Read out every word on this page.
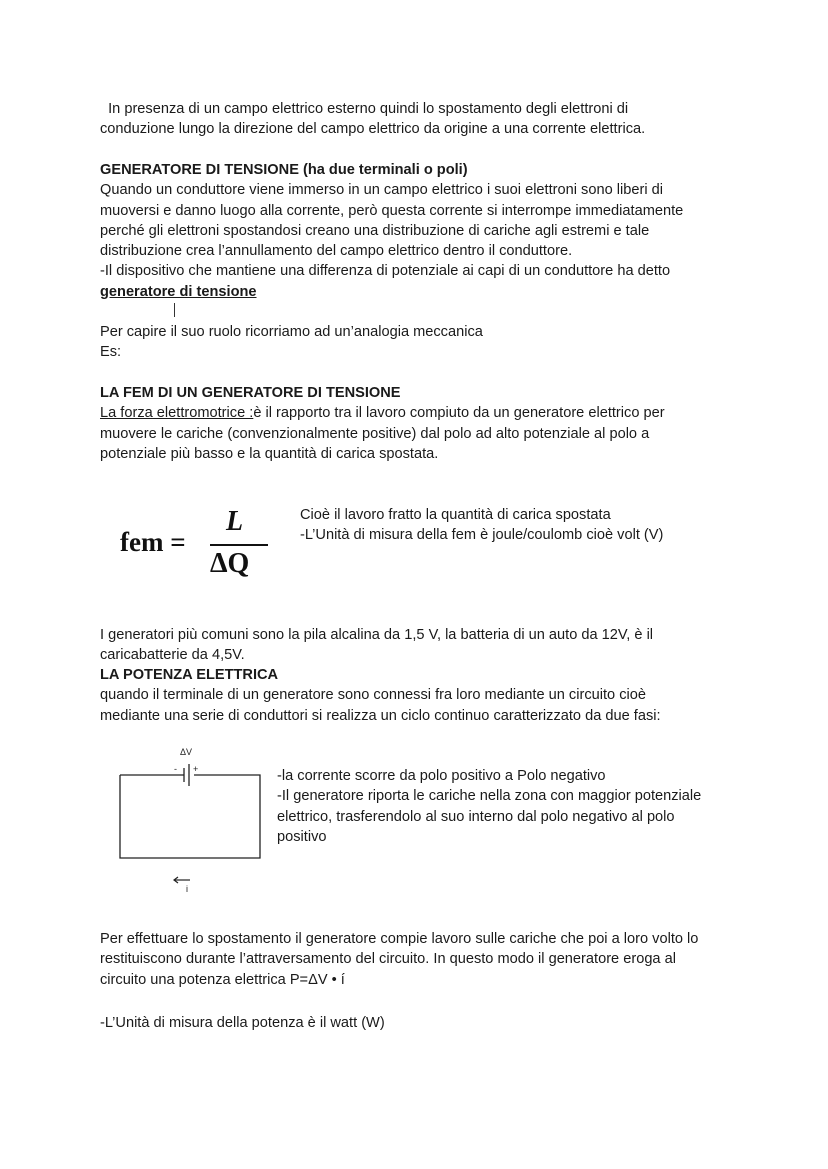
In presenza di un campo elettrico esterno quindi lo spostamento degli elettroni di
conduzione lungo la direzione del campo elettrico da origine a una corrente elettrica.
GENERATORE DI TENSIONE (ha due terminali o poli)
Quando un conduttore viene immerso in un campo elettrico i suoi elettroni sono liberi di
muoversi e danno luogo alla corrente, però questa corrente si interrompe immediatamente
perché gli elettroni spostandosi creano una distribuzione di cariche agli estremi e tale
distribuzione crea l’annullamento del campo elettrico dentro il conduttore.
-Il dispositivo che mantiene una differenza di potenziale ai capi di un conduttore ha detto
generatore di tensione
Per capire il suo ruolo ricorriamo ad un’analogia meccanica
Es:
LA FEM DI UN GENERATORE DI TENSIONE
La forza elettromotrice :è il rapporto tra il lavoro compiuto da un generatore elettrico per
muovere le cariche (convenzionalmente positive) dal polo ad alto potenziale al polo a
potenziale più basso e la quantità di carica spostata.
fem =
L
ΔQ
Cioè il lavoro fratto la quantità di carica spostata
-L’Unità di misura della fem è joule/coulomb cioè volt (V)
I generatori più comuni sono la pila alcalina da 1,5 V, la batteria di un auto da 12V, è il
caricabatterie da 4,5V.
LA POTENZA ELETTRICA
quando il terminale di un generatore sono connessi fra loro mediante un circuito cioè
mediante una serie di conduttori si realizza un ciclo continuo caratterizzato da due fasi:
ΔV
- +
i
-la corrente scorre da polo positivo a Polo negativo
-Il generatore riporta le cariche nella zona con maggior potenziale
elettrico, trasferendolo al suo interno dal polo negativo al polo
positivo
Per effettuare lo spostamento il generatore compie lavoro sulle cariche che poi a loro volto lo
restituiscono durante l’attraversamento del circuito. In questo modo il generatore eroga al
circuito una potenza elettrica P=ΔV • í
-L’Unità di misura della potenza è il watt (W)
